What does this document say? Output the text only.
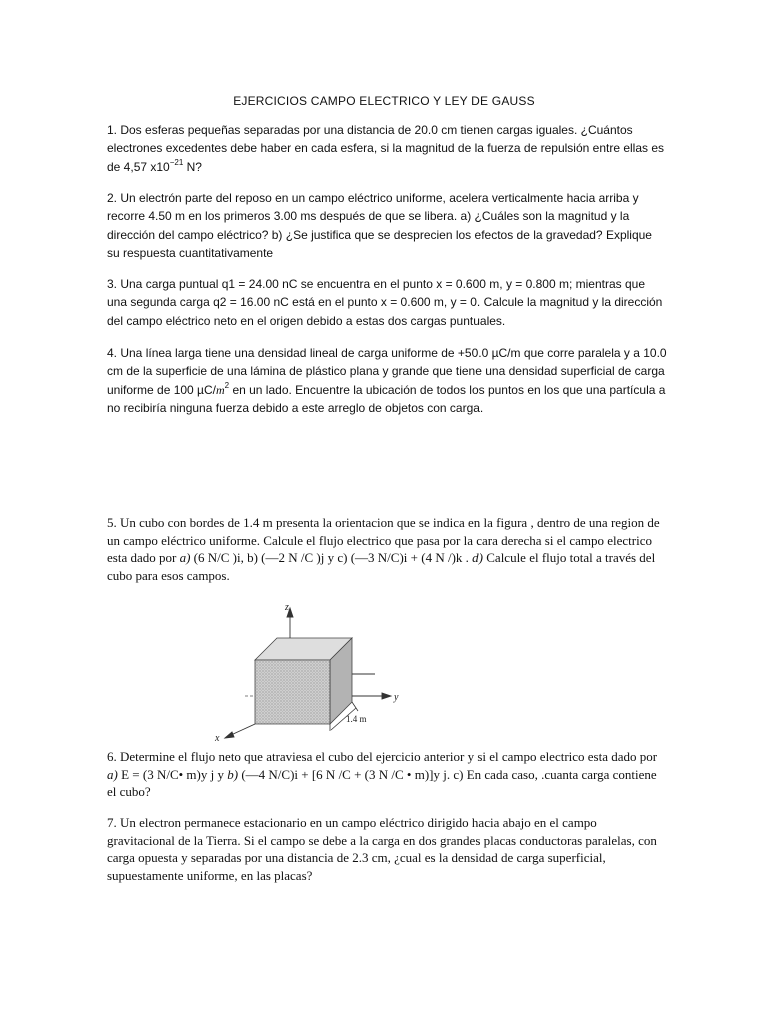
EJERCICIOS CAMPO ELECTRICO Y LEY DE GAUSS
1. Dos esferas pequeñas separadas por una distancia de 20.0 cm tienen cargas iguales. ¿Cuántos electrones excedentes debe haber en cada esfera, si la magnitud de la fuerza de repulsión entre ellas es de 4,57 $x10^{-21}$ N?
2. Un electrón parte del reposo en un campo eléctrico uniforme, acelera verticalmente hacia arriba y recorre 4.50 m en los primeros 3.00 ms después de que se libera. a) ¿Cuáles son la magnitud y la dirección del campo eléctrico? b) ¿Se justifica que se desprecien los efectos de la gravedad? Explique su respuesta cuantitativamente
3. Una carga puntual q1 = 24.00 nC se encuentra en el punto x = 0.600 m, y = 0.800 m; mientras que una segunda carga q2 = 16.00 nC está en el punto x = 0.600 m, y = 0. Calcule la magnitud y la dirección del campo eléctrico neto en el origen debido a estas dos cargas puntuales.
4. Una línea larga tiene una densidad lineal de carga uniforme de +50.0 µC/m que corre paralela y a 10.0 cm de la superficie de una lámina de plástico plana y grande que tiene una densidad superficial de carga uniforme de 100 $\mu C/m^2$ en un lado. Encuentre la ubicación de todos los puntos en los que una partícula a no recibiría ninguna fuerza debido a este arreglo de objetos con carga.
5. Un cubo con bordes de 1.4 m presenta la orientacion que se indica en la figura , dentro de una region de un campo eléctrico uniforme. Calcule el flujo electrico que pasa por la cara derecha si el campo electrico esta dado por a) (6 N/C )i, b) (—2 N /C )j y c) (—3 N/C)i + (4 N /)k . d) Calcule el flujo total a través del cubo para esos campos.
z
y
x
1.4 m
6. Determine el flujo neto que atraviesa el cubo del ejercicio anterior y si el campo electrico esta dado por a) E = (3 N/C• m)y j y b) (—4 N/C)i + [6 N /C + (3 N /C • m)]y j. c) En cada caso, .cuanta carga contiene el cubo?
7. Un electron permanece estacionario en un campo eléctrico dirigido hacia abajo en el campo gravitacional de la Tierra. Si el campo se debe a la carga en dos grandes placas conductoras paralelas, con carga opuesta y separadas por una distancia de 2.3 cm, ¿cual es la densidad de carga superficial, supuestamente uniforme, en las placas?
